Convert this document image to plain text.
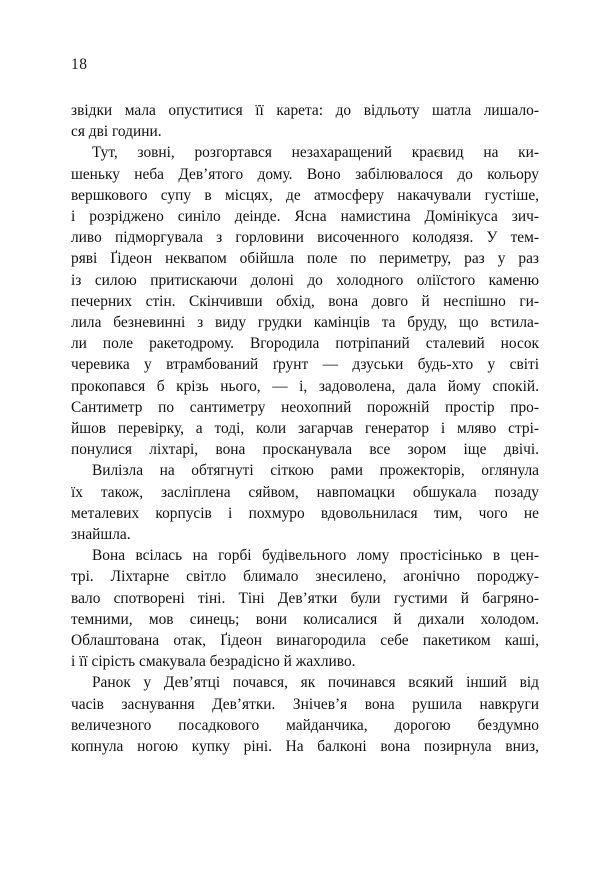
18

звідки мала опуститися її карета: до відльоту шатла лишало-

ся дві години.

Тут, зовні, розгортався незахаращений краєвид на ки-

шеньку неба Дев’ятого дому. Воно забілювалося до кольору

вершкового супу в місцях, де атмосферу накачували густіше,

і розріджено синіло деінде. Ясна намистина Домінікуса зич-

ливо підморгувала з горловини височенного колодязя. У тем-

ряві Ґідеон неквапом обійшла поле по периметру, раз у раз

із силою притискаючи долоні до холодного оліїстого каменю

печерних стін. Скінчивши обхід, вона довго й неспішно ги-

лила безневинні з виду грудки камінців та бруду, що встила-

ли поле ракетодрому. Вгородила потріпаний сталевий носок

черевика у втрамбований ґрунт — дзуськи будь-хто у світі

прокопався б крізь нього, — і, задоволена, дала йому спокій.

Сантиметр по сантиметру неохопний порожній простір про-

йшов перевірку, а тоді, коли загарчав генератор і мляво стрі-

понулися ліхтарі, вона просканувала все зором іще двічі.

Вилізла на обтягнуті сіткою рами прожекторів, оглянула

їх також, засліплена сяйвом, навпомацки обшукала позаду

металевих корпусів і похмуро вдовольнилася тим, чого не

знайшла.

Вона всілась на горбі будівельного лому простісінько в цен-

трі. Ліхтарне світло блимало знесилено, агонічно породжу-

вало спотворені тіні. Тіні Дев’ятки були густими й багряно-

темними, мов синець; вони колисалися й дихали холодом.

Облаштована отак, Ґідеон винагородила себе пакетиком каші,

і її сірість смакувала безрадісно й жахливо.

Ранок у Дев’ятці почався, як починався всякий інший від

часів заснування Дев’ятки. Знічев’я вона рушила навкруги

величезного посадкового майданчика, дорогою бездумно

копнула ногою купку ріні. На балконі вона позирнула вниз,
